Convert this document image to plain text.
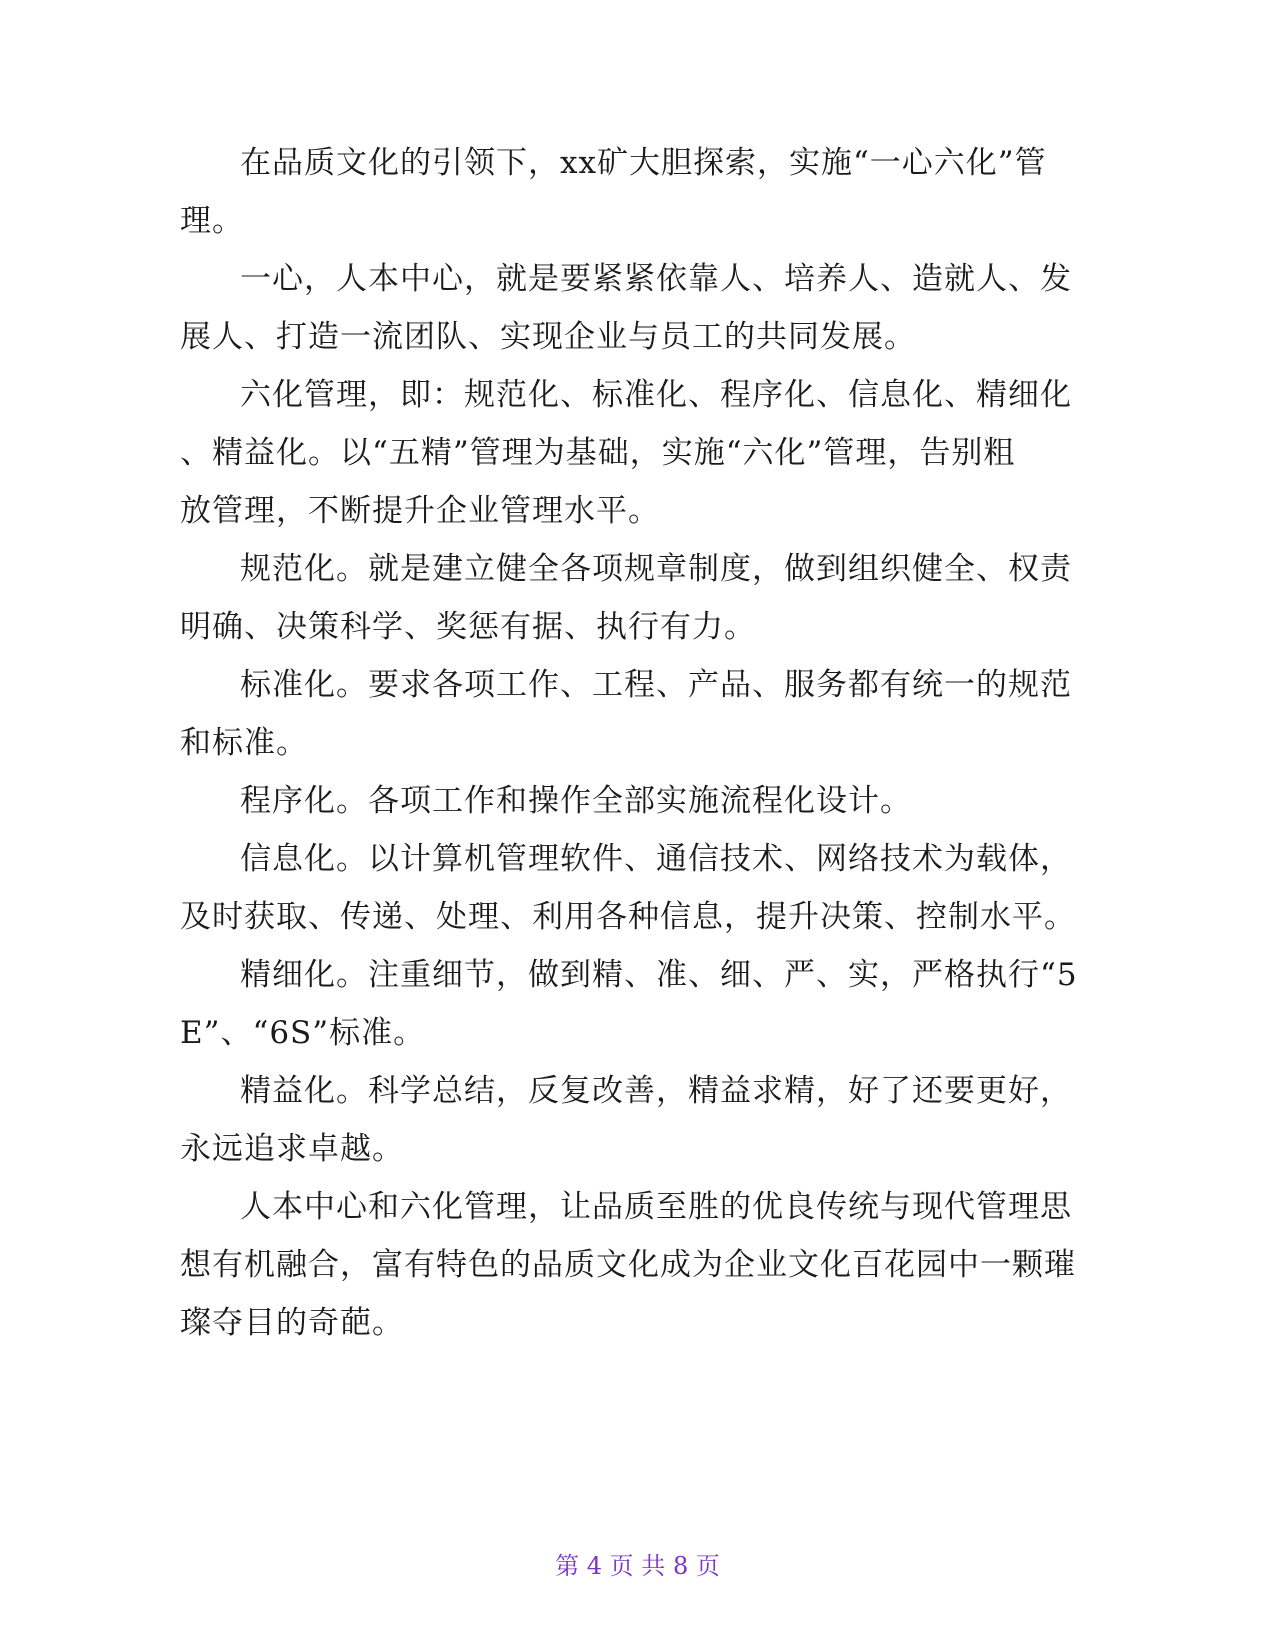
在品质文化的引领下，xx矿大胆探索，实施“一心六化”管
理。
一心，人本中心，就是要紧紧依靠人、培养人、造就人、发
展人、打造一流团队、实现企业与员工的共同发展。
六化管理，即：规范化、标准化、程序化、信息化、精细化
、精益化。以“五精”管理为基础，实施“六化”管理，告别粗
放管理，不断提升企业管理水平。
规范化。就是建立健全各项规章制度，做到组织健全、权责
明确、决策科学、奖惩有据、执行有力。
标准化。要求各项工作、工程、产品、服务都有统一的规范
和标准。
程序化。各项工作和操作全部实施流程化设计。
信息化。以计算机管理软件、通信技术、网络技术为载体，
及时获取、传递、处理、利用各种信息，提升决策、控制水平。
精细化。注重细节，做到精、准、细、严、实，严格执行“5
E”、“6S”标准。
精益化。科学总结，反复改善，精益求精，好了还要更好，
永远追求卓越。
人本中心和六化管理，让品质至胜的优良传统与现代管理思
想有机融合，富有特色的品质文化成为企业文化百花园中一颗璀
璨夺目的奇葩。
第 4 页 共 8 页
